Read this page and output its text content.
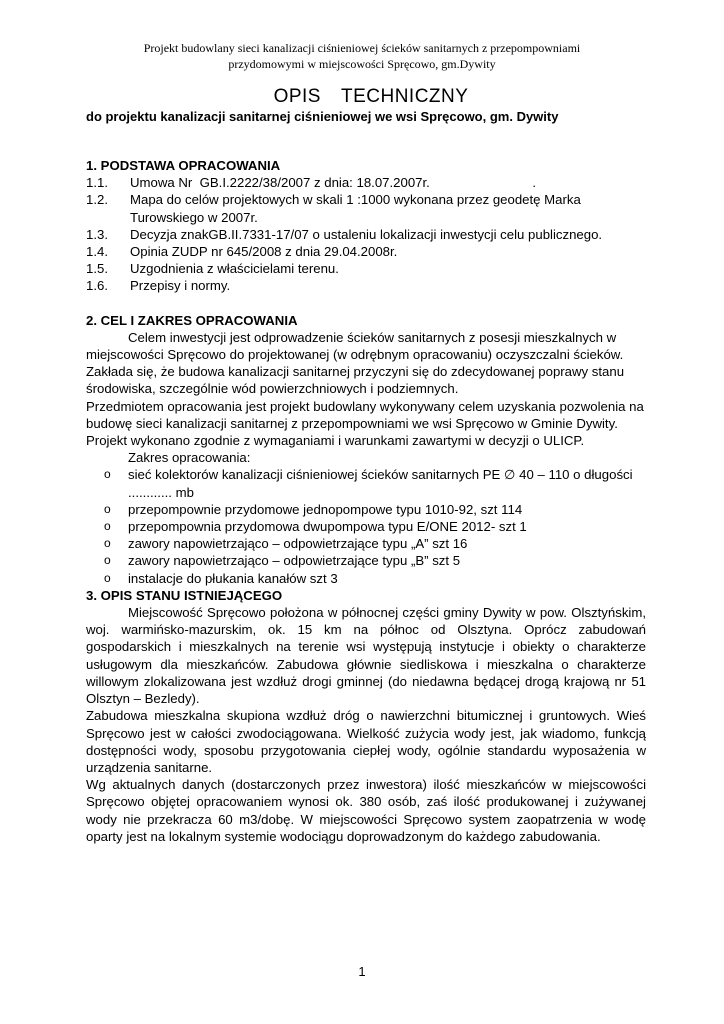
Projekt budowlany sieci kanalizacji ciśnieniowej ścieków sanitarnych z przepompowniami
przydomowymi w miejscowości Spręcowo, gm.Dywity
OPIS TECHNICZNY
do projektu kanalizacji sanitarnej ciśnieniowej we wsi Spręcowo, gm. Dywity
1. PODSTAWA OPRACOWANIA
1.1. Umowa Nr  GB.I.2222/38/2007 z dnia: 18.07.2007r.                            .
1.2. Mapa do celów projektowych w skali 1 :1000 wykonana przez geodetę Marka Turowskiego w 2007r.
1.3. Decyzja znakGB.II.7331-17/07 o ustaleniu lokalizacji inwestycji celu publicznego.
1.4. Opinia ZUDP nr 645/2008 z dnia 29.04.2008r.
1.5. Uzgodnienia z właścicielami terenu.
1.6. Przepisy i normy.
2. CEL I ZAKRES OPRACOWANIA
Celem inwestycji jest odprowadzenie ścieków sanitarnych z posesji mieszkalnych w miejscowości Spręcowo do projektowanej (w odrębnym opracowaniu) oczyszczalni ścieków.
Zakłada się, że budowa kanalizacji sanitarnej przyczyni się do zdecydowanej poprawy stanu środowiska, szczególnie wód powierzchniowych i podziemnych.
Przedmiotem opracowania jest projekt budowlany wykonywany celem uzyskania pozwolenia na budowę sieci kanalizacji sanitarnej z przepompowniami we wsi Spręcowo w Gminie Dywity. Projekt wykonano zgodnie z wymaganiami i warunkami zawartymi w decyzji o ULICP.
Zakres opracowania:
o sieć kolektorów kanalizacji ciśnieniowej ścieków sanitarnych PE ∅ 40 – 110 o długości ............ mb
o przepompownie przydomowe jednopompowe typu 1010-92, szt 114
o przepompownia przydomowa dwupompowa typu E/ONE 2012- szt 1
o zawory napowietrzająco – odpowietrzające typu „A” szt 16
o zawory napowietrzająco – odpowietrzające typu „B” szt 5
o instalacje do płukania kanałów szt 3
3. OPIS STANU ISTNIEJĄCEGO
Miejscowość Spręcowo położona w północnej części gminy Dywity w pow. Olsztyńskim, woj. warmińsko-mazurskim, ok. 15 km na północ od Olsztyna. Oprócz zabudowań gospodarskich i mieszkalnych na terenie wsi występują instytucje i obiekty o charakterze usługowym dla mieszkańców. Zabudowa głównie siedliskowa i mieszkalna o charakterze willowym zlokalizowana jest wzdłuż drogi gminnej (do niedawna będącej drogą krajową nr 51 Olsztyn – Bezledy).
Zabudowa mieszkalna skupiona wzdłuż dróg o nawierzchni bitumicznej i gruntowych. Wieś Spręcowo jest w całości zwodociągowana. Wielkość zużycia wody jest, jak wiadomo, funkcją dostępności wody, sposobu przygotowania ciepłej wody, ogólnie standardu wyposażenia w urządzenia sanitarne.
Wg aktualnych danych (dostarczonych przez inwestora) ilość mieszkańców w miejscowości Spręcowo objętej opracowaniem wynosi ok. 380 osób, zaś ilość produkowanej i zużywanej wody nie przekracza 60 m3/dobę. W miejscowości Spręcowo system zaopatrzenia w wodę oparty jest na lokalnym systemie wodociągu doprowadzonym do każdego zabudowania.
1
